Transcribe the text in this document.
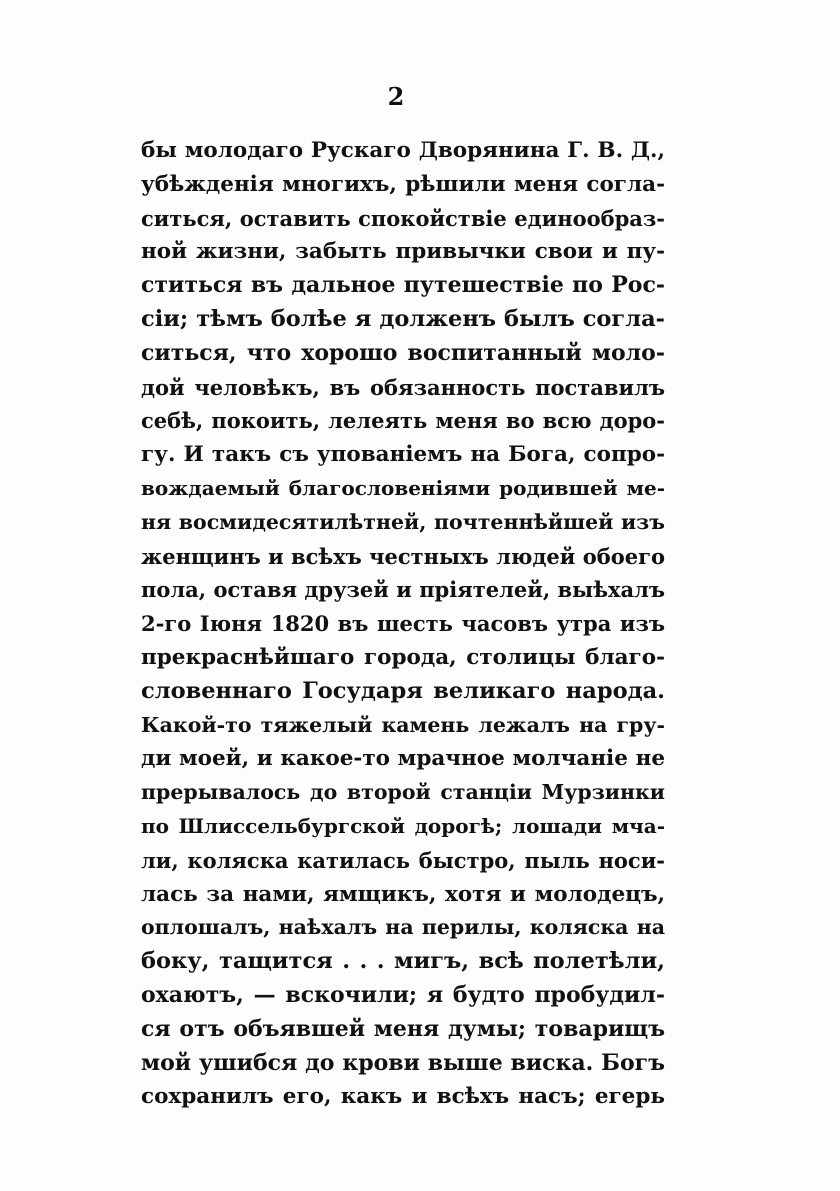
2
бы молодаго Рускаго Дворянина Г. В. Д.,
убѣжденія многихъ, рѣшили меня согла-
ситься, оставить спокойствіе единообраз-
ной жизни, забыть привычки свои и пу-
ститься въ дальное путешествіе по Рос-
сіи; тѣмъ болѣе я долженъ былъ согла-
ситься, что хорошо воспитанный моло-
дой человѣкъ, въ обязанность поставилъ
себѣ, покоить, лелеять меня во всю доро-
гу. И такъ съ упованіемъ на Бога, сопро-
вождаемый благословеніями родившей ме-
ня восмидесятилѣтней, почтеннѣйшей изъ
женщинъ и всѣхъ честныхъ людей обоего
пола, оставя друзей и пріятелей, выѣхалъ
2-го Іюня 1820 въ шесть часовъ утра изъ
прекраснѣйшаго города, столицы благо-
словеннаго Государя великаго народа.
Какой-то тяжелый камень лежалъ на гру-
ди моей, и какое-то мрачное молчаніе не
прерывалось до второй станціи Мурзинки
по Шлиссельбургской дорогѣ; лошади мча-
ли, коляска катилась быстро, пыль носи-
лась за нами, ямщикъ, хотя и молодецъ,
оплошалъ, наѣхалъ на перилы, коляска на
боку, тащится . . . мигъ, всѣ полетѣли,
охаютъ, — вскочили; я будто пробудил-
ся отъ объявшей меня думы; товарищъ
мой ушибся до крови выше виска. Богъ
сохранилъ его, какъ и всѣхъ насъ; егерь
